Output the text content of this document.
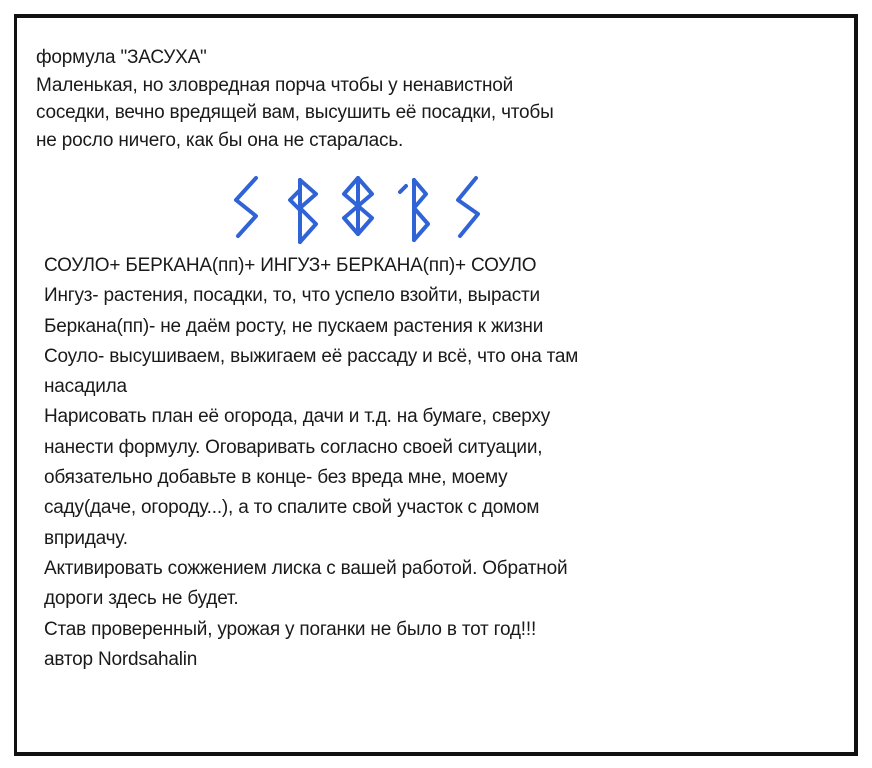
формула "ЗАСУХА"
Маленькая, но зловредная порча чтобы у ненавистной
соседки, вечно вредящей вам, высушить её посадки, чтобы
не росло ничего, как бы она не старалась.
СОУЛО+ БЕРКАНА(пп)+ ИНГУЗ+ БЕРКАНА(пп)+ СОУЛО
Ингуз- растения, посадки, то, что успело взойти, вырасти
Беркана(пп)- не даём росту, не пускаем растения к жизни
Соуло- высушиваем, выжигаем её рассаду и всё, что она там
насадила
Нарисовать план её огорода, дачи и т.д. на бумаге, сверху
нанести формулу. Оговаривать согласно своей ситуации,
обязательно добавьте в конце- без вреда мне, моему
саду(даче, огороду...), а то спалите свой участок с домом
впридачу.
Активировать сожжением лиска с вашей работой. Обратной
дороги здесь не будет.
Став проверенный, урожая у поганки не было в тот год!!!
автор Nordsahalin
